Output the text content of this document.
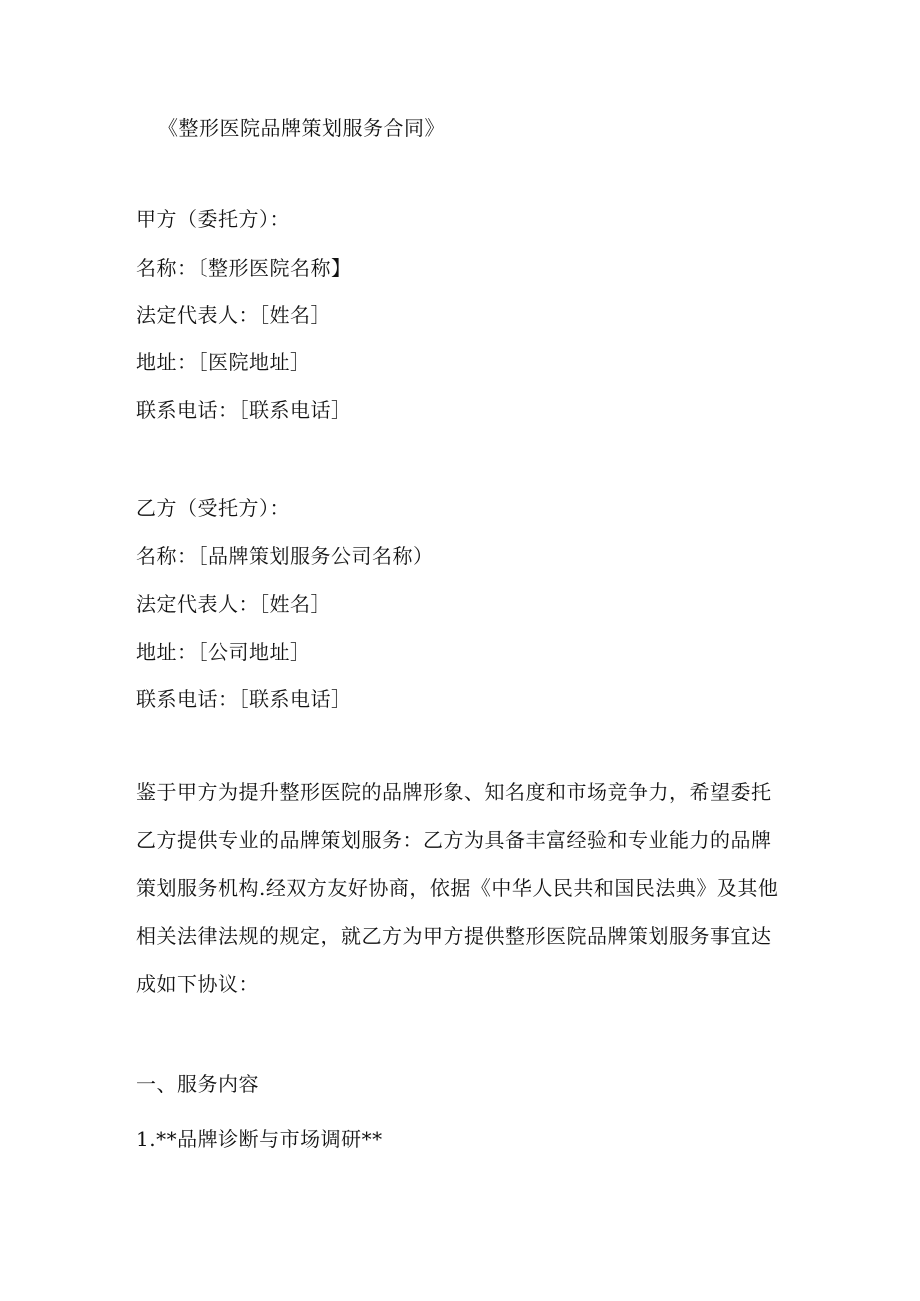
《整形医院品牌策划服务合同》
甲方（委托方）：
名称：〔整形医院名称】
法定代表人：［姓名］
地址：［医院地址］
联系电话：［联系电话］
乙方（受托方）：
名称：［品牌策划服务公司名称）
法定代表人：［姓名］
地址：［公司地址］
联系电话：［联系电话］
鉴于甲方为提升整形医院的品牌形象、知名度和市场竞争力，希望委托
乙方提供专业的品牌策划服务：乙方为具备丰富经验和专业能力的品牌
策划服务机构.经双方友好协商，依据《中华人民共和国民法典》及其他
相关法律法规的规定，就乙方为甲方提供整形医院品牌策划服务事宜达
成如下协议：
一、服务内容
1.**品牌诊断与市场调研**
